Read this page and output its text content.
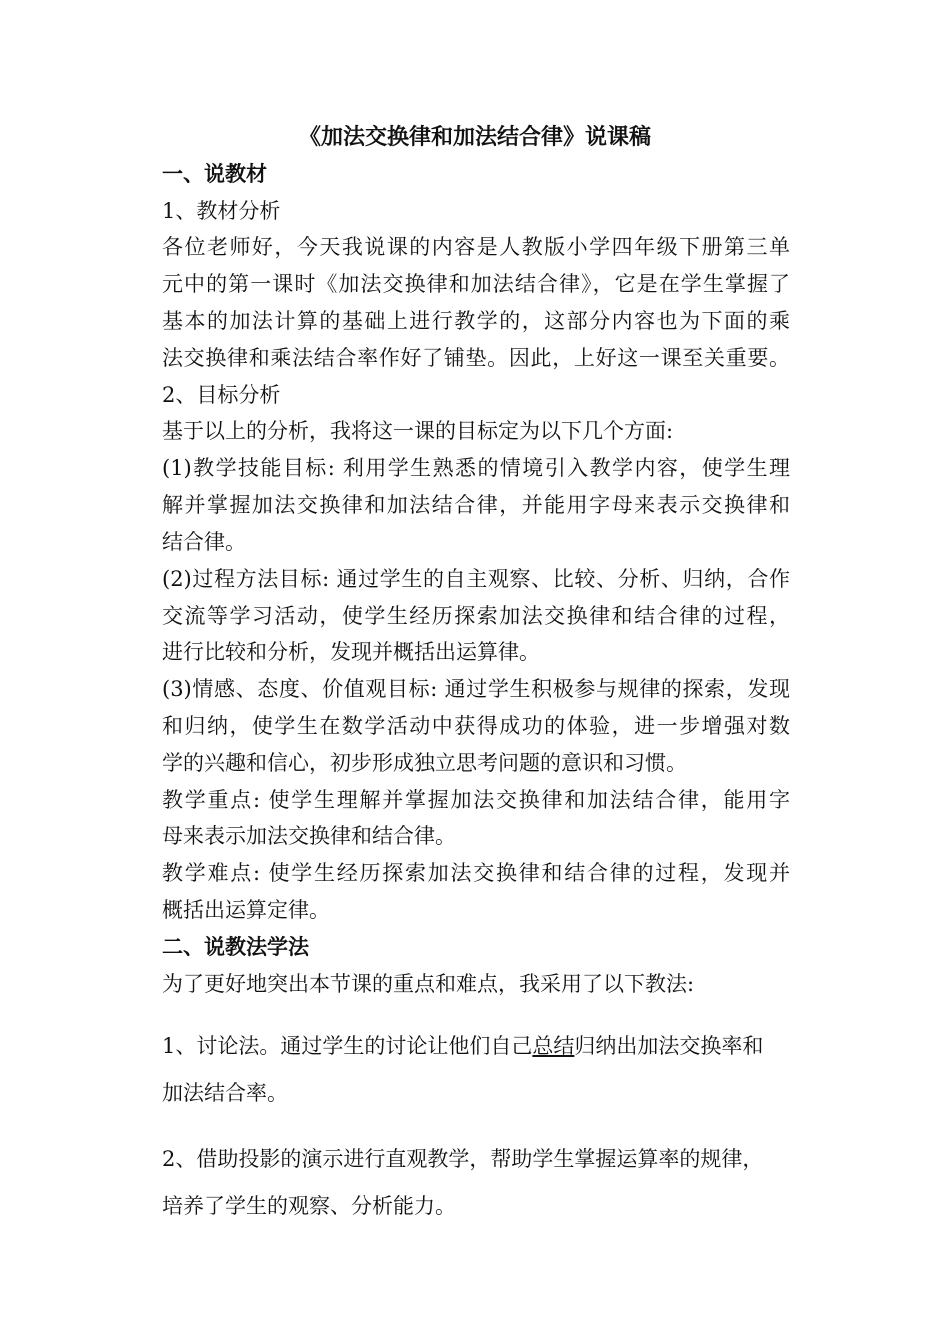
《加法交换律和加法结合律》说课稿
一、说教材
1、教材分析
各位老师好，今天我说课的内容是人教版小学四年级下册第三单
元中的第一课时《加法交换律和加法结合律》，它是在学生掌握了
基本的加法计算的基础上进行教学的，这部分内容也为下面的乘
法交换律和乘法结合率作好了铺垫。因此，上好这一课至关重要。
2、目标分析
基于以上的分析，我将这一课的目标定为以下几个方面:
(1)教学技能目标: 利用学生熟悉的情境引入教学内容，使学生理
解并掌握加法交换律和加法结合律，并能用字母来表示交换律和
结合律。
(2)过程方法目标: 通过学生的自主观察、比较、分析、归纳，合作
交流等学习活动，使学生经历探索加法交换律和结合律的过程，
进行比较和分析，发现并概括出运算律。
(3)情感、态度、价值观目标: 通过学生积极参与规律的探索，发现
和归纳，使学生在数学活动中获得成功的体验，进一步增强对数
学的兴趣和信心，初步形成独立思考问题的意识和习惯。
教学重点: 使学生理解并掌握加法交换律和加法结合律，能用字
母来表示加法交换律和结合律。
教学难点: 使学生经历探索加法交换律和结合律的过程，发现并
概括出运算定律。
二、说教法学法
为了更好地突出本节课的重点和难点，我采用了以下教法:
1、讨论法。通过学生的讨论让他们自己总结归纳出加法交换率和
加法结合率。
2、借助投影的演示进行直观教学，帮助学生掌握运算率的规律，
培养了学生的观察、分析能力。
